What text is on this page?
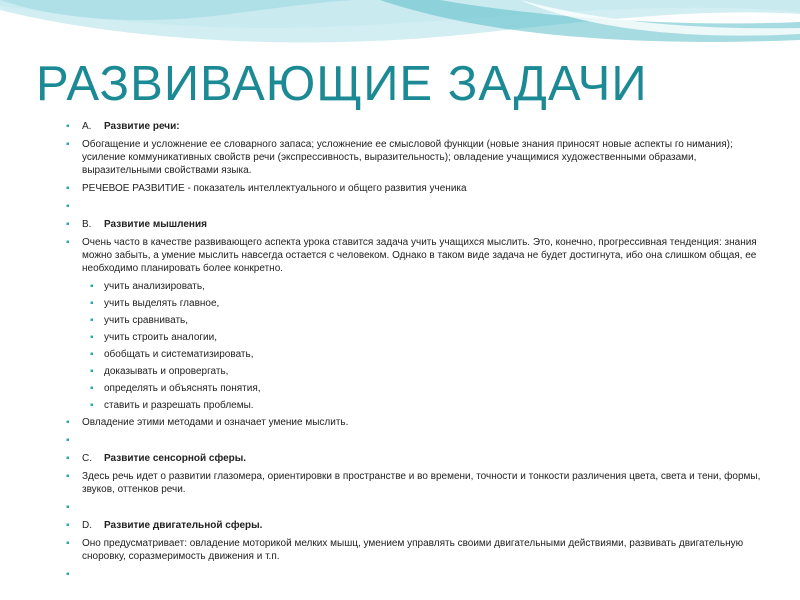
РАЗВИВАЮЩИЕ ЗАДАЧИ
▪ A. Развитие речи:
▪ Обогащение и усложнение ее словарного запаса; усложнение ее смысловой функции (новые знания приносят новые аспекты го нимания); усиление коммуникативных свойств речи (экспрессивность, выразительность); овладение учащимися художественными образами, выразительными свойствами языка.
▪ РЕЧЕВОЕ РАЗВИТИЕ - показатель интеллектуального и общего развития ученика
▪

▪ B. Развитие мышления
▪ Очень часто в качестве развивающего аспекта урока ставится задача учить учащихся мыслить. Это, конечно, прогрессивная тенденция: знания можно забыть, а умение мыслить навсегда остается с человеком. Однако в таком виде задача не будет достигнута, ибо она слишком общая, ее необходимо планировать более конкретно.
▪ учить анализировать,
▪ учить выделять главное,
▪ учить сравнивать,
▪ учить строить аналогии,
▪ обобщать и систематизировать,
▪ доказывать и опровергать,
▪ определять и объяснять понятия,
▪ ставить и разрешать проблемы.
▪ Овладение этими методами и означает умение мыслить.
▪

▪ C. Развитие сенсорной сферы.
▪ Здесь речь идет о развитии глазомера, ориентировки в пространстве и во времени, точности и тонкости различения цвета, света и тени, формы, звуков, оттенков речи.
▪

▪ D. Развитие двигательной сферы.
▪ Оно предусматривает: овладение моторикой мелких мышц, умением управлять своими двигательными действиями, развивать двигательную сноровку, соразмеримость движения и т.п.
▪
